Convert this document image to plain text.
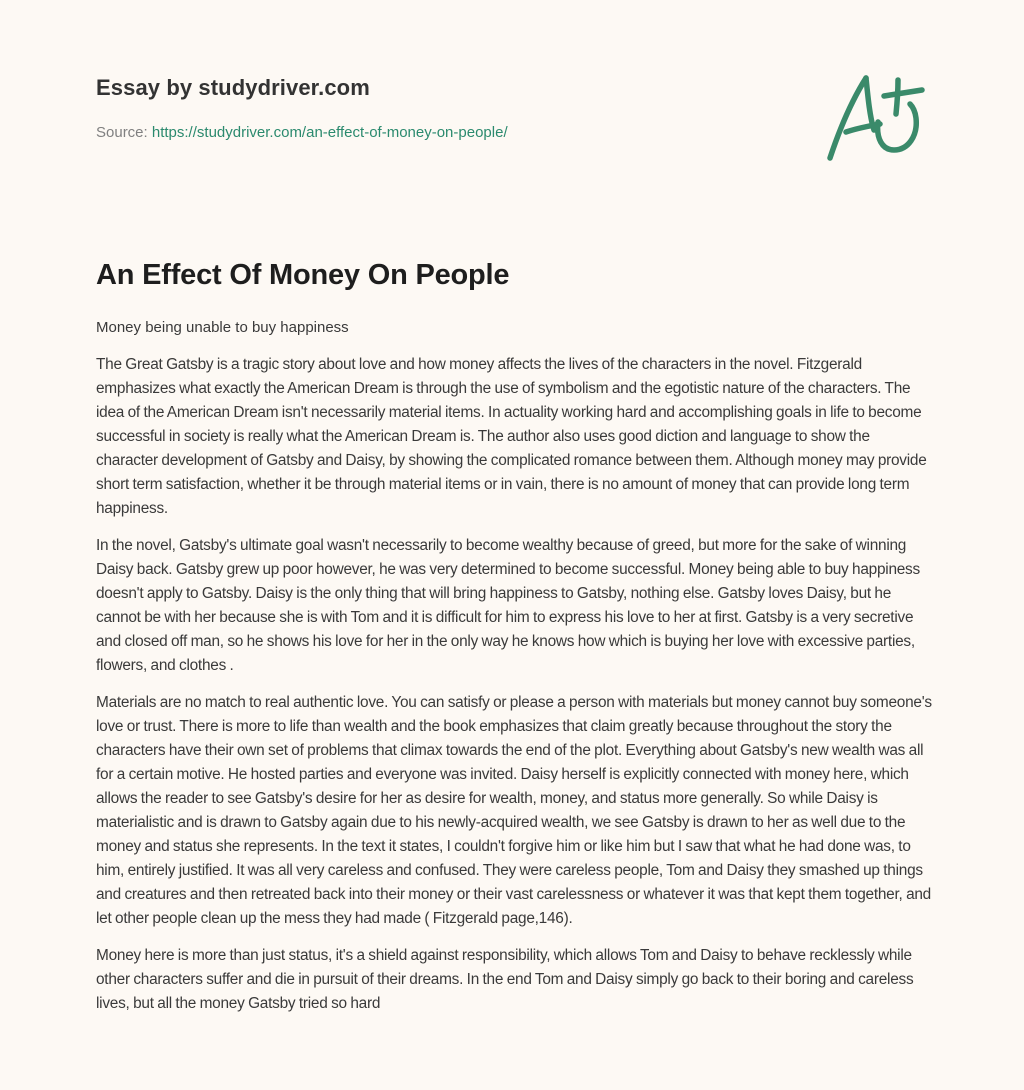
Essay by studydriver.com
Source: https://studydriver.com/an-effect-of-money-on-people/
An Effect Of Money On People

Money being unable to buy happiness

The Great Gatsby is a tragic story about love and how money affects the lives of the characters in the novel. Fitzgerald emphasizes what exactly the American Dream is through the use of symbolism and the egotistic nature of the characters. The idea of the American Dream isn't necessarily material items. In actuality working hard and accomplishing goals in life to become successful in society is really what the American Dream is. The author also uses good diction and language to show the character development of Gatsby and Daisy, by showing the complicated romance between them. Although money may provide short term satisfaction, whether it be through material items or in vain, there is no amount of money that can provide long term happiness.

In the novel, Gatsby's ultimate goal wasn't necessarily to become wealthy because of greed, but more for the sake of winning Daisy back. Gatsby grew up poor however, he was very determined to become successful. Money being able to buy happiness doesn't apply to Gatsby. Daisy is the only thing that will bring happiness to Gatsby, nothing else. Gatsby loves Daisy, but he cannot be with her because she is with Tom and it is difficult for him to express his love to her at first. Gatsby is a very secretive and closed off man, so he shows his love for her in the only way he knows how which is buying her love with excessive parties, flowers, and clothes .

Materials are no match to real authentic love. You can satisfy or please a person with materials but money cannot buy someone's love or trust. There is more to life than wealth and the book emphasizes that claim greatly because throughout the story the characters have their own set of problems that climax towards the end of the plot. Everything about Gatsby's new wealth was all for a certain motive. He hosted parties and everyone was invited. Daisy herself is explicitly connected with money here, which allows the reader to see Gatsby's desire for her as desire for wealth, money, and status more generally. So while Daisy is materialistic and is drawn to Gatsby again due to his newly-acquired wealth, we see Gatsby is drawn to her as well due to the money and status she represents. In the text it states, I couldn't forgive him or like him but I saw that what he had done was, to him, entirely justified. It was all very careless and confused. They were careless people, Tom and Daisy they smashed up things and creatures and then retreated back into their money or their vast carelessness or whatever it was that kept them together, and let other people clean up the mess they had made ( Fitzgerald page,146).

Money here is more than just status, it's a shield against responsibility, which allows Tom and Daisy to behave recklessly while other characters suffer and die in pursuit of their dreams. In the end Tom and Daisy simply go back to their boring and careless lives, but all the money Gatsby tried so hard
